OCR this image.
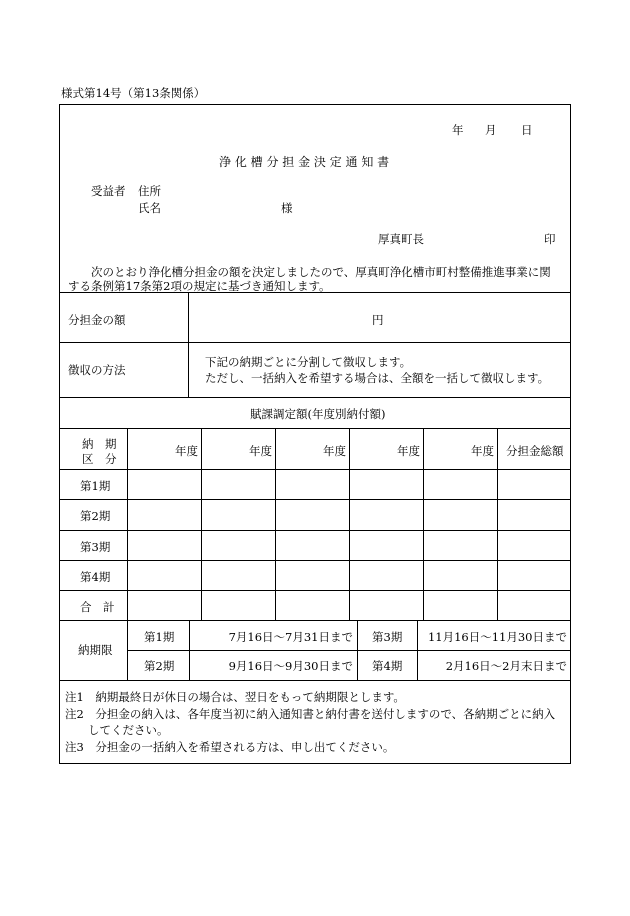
様式第14号（第13条関係）
年 月 日
浄 化 槽 分 担 金 決 定 通 知 書
受益者 住所
氏名	様
厚真町長	印
次のとおり浄化槽分担金の額を決定しましたので、厚真町浄化槽市町村整備推進事業に関
する条例第17条第2項の規定に基づき通知します。
分担金の額	円
徴収の方法
下記の納期ごとに分割して徴収します。
ただし、一括納入を希望する場合は、全額を一括して徴収します。
賦課調定額(年度別納付額)
納　期
区　分
年度	年度	年度	年度	年度 分担金総額
第1期
第2期
第3期
第4期
合　計
納期限
第1期	7月16日～7月31日まで 第3期	11月16日～11月30日まで
第2期	9月16日～9月30日まで 第4期	2月16日～2月末日まで
注1　納期最終日が休日の場合は、翌日をもって納期限とします。
注2　分担金の納入は、各年度当初に納入通知書と納付書を送付しますので、各納期ごとに納入
してください。
注3　分担金の一括納入を希望される方は、申し出てください。
